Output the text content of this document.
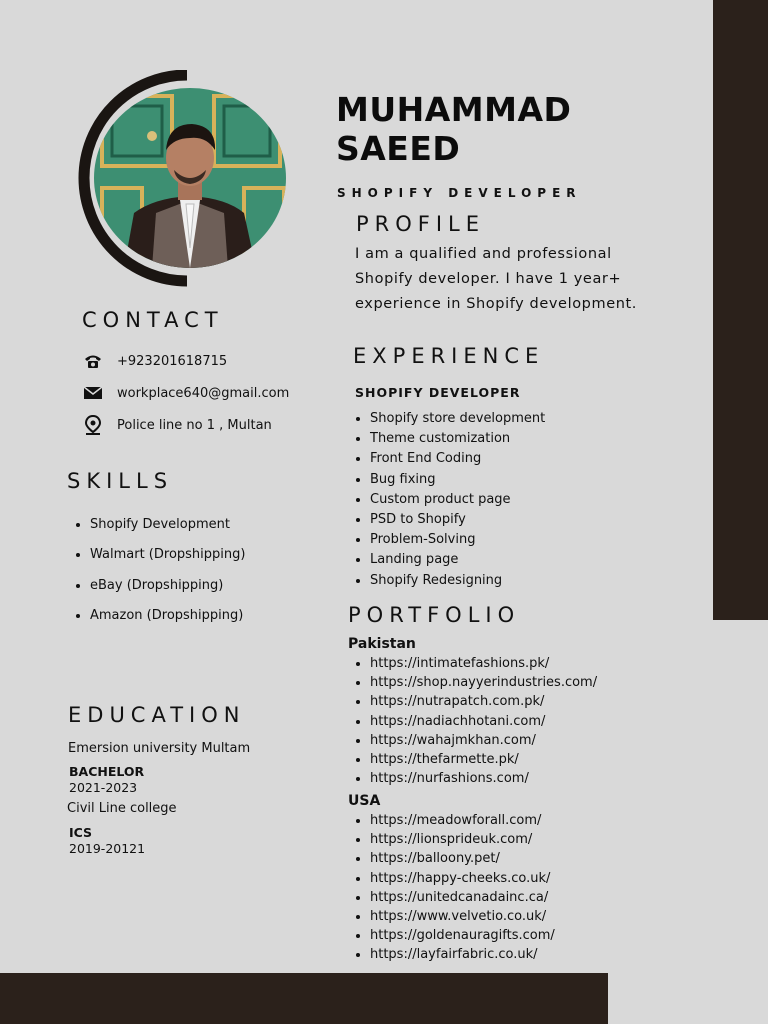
MUHAMMAD
SAEED
SHOPIFY DEVELOPER
PROFILE
I am a qualified and professional Shopify developer. I have 1 year+ experience in Shopify development.
CONTACT
+923201618715
workplace640@gmail.com
Police line no 1 , Multan
SKILLS
• Shopify Development
• Walmart (Dropshipping)
• eBay (Dropshipping)
• Amazon (Dropshipping)
EXPERIENCE
SHOPIFY DEVELOPER
• Shopify store development
• Theme customization
• Front End Coding
• Bug fixing
• Custom product page
• PSD to Shopify
• Problem-Solving
• Landing page
• Shopify Redesigning
PORTFOLIO
Pakistan
• https://intimatefashions.pk/
• https://shop.nayyerindustries.com/
• https://nutrapatch.com.pk/
• https://nadiachhotani.com/
• https://wahajmkhan.com/
• https://thefarmette.pk/
• https://nurfashions.com/
USA
• https://meadowforall.com/
• https://lionsprideuk.com/
• https://balloony.pet/
• https://happy-cheeks.co.uk/
• https://unitedcanadainc.ca/
• https://www.velvetio.co.uk/
• https://goldenauragifts.com/
• https://layfairfabric.co.uk/
EDUCATION
Emersion university Multam
BACHELOR
2021-2023
Civil Line college
ICS
2019-20121
